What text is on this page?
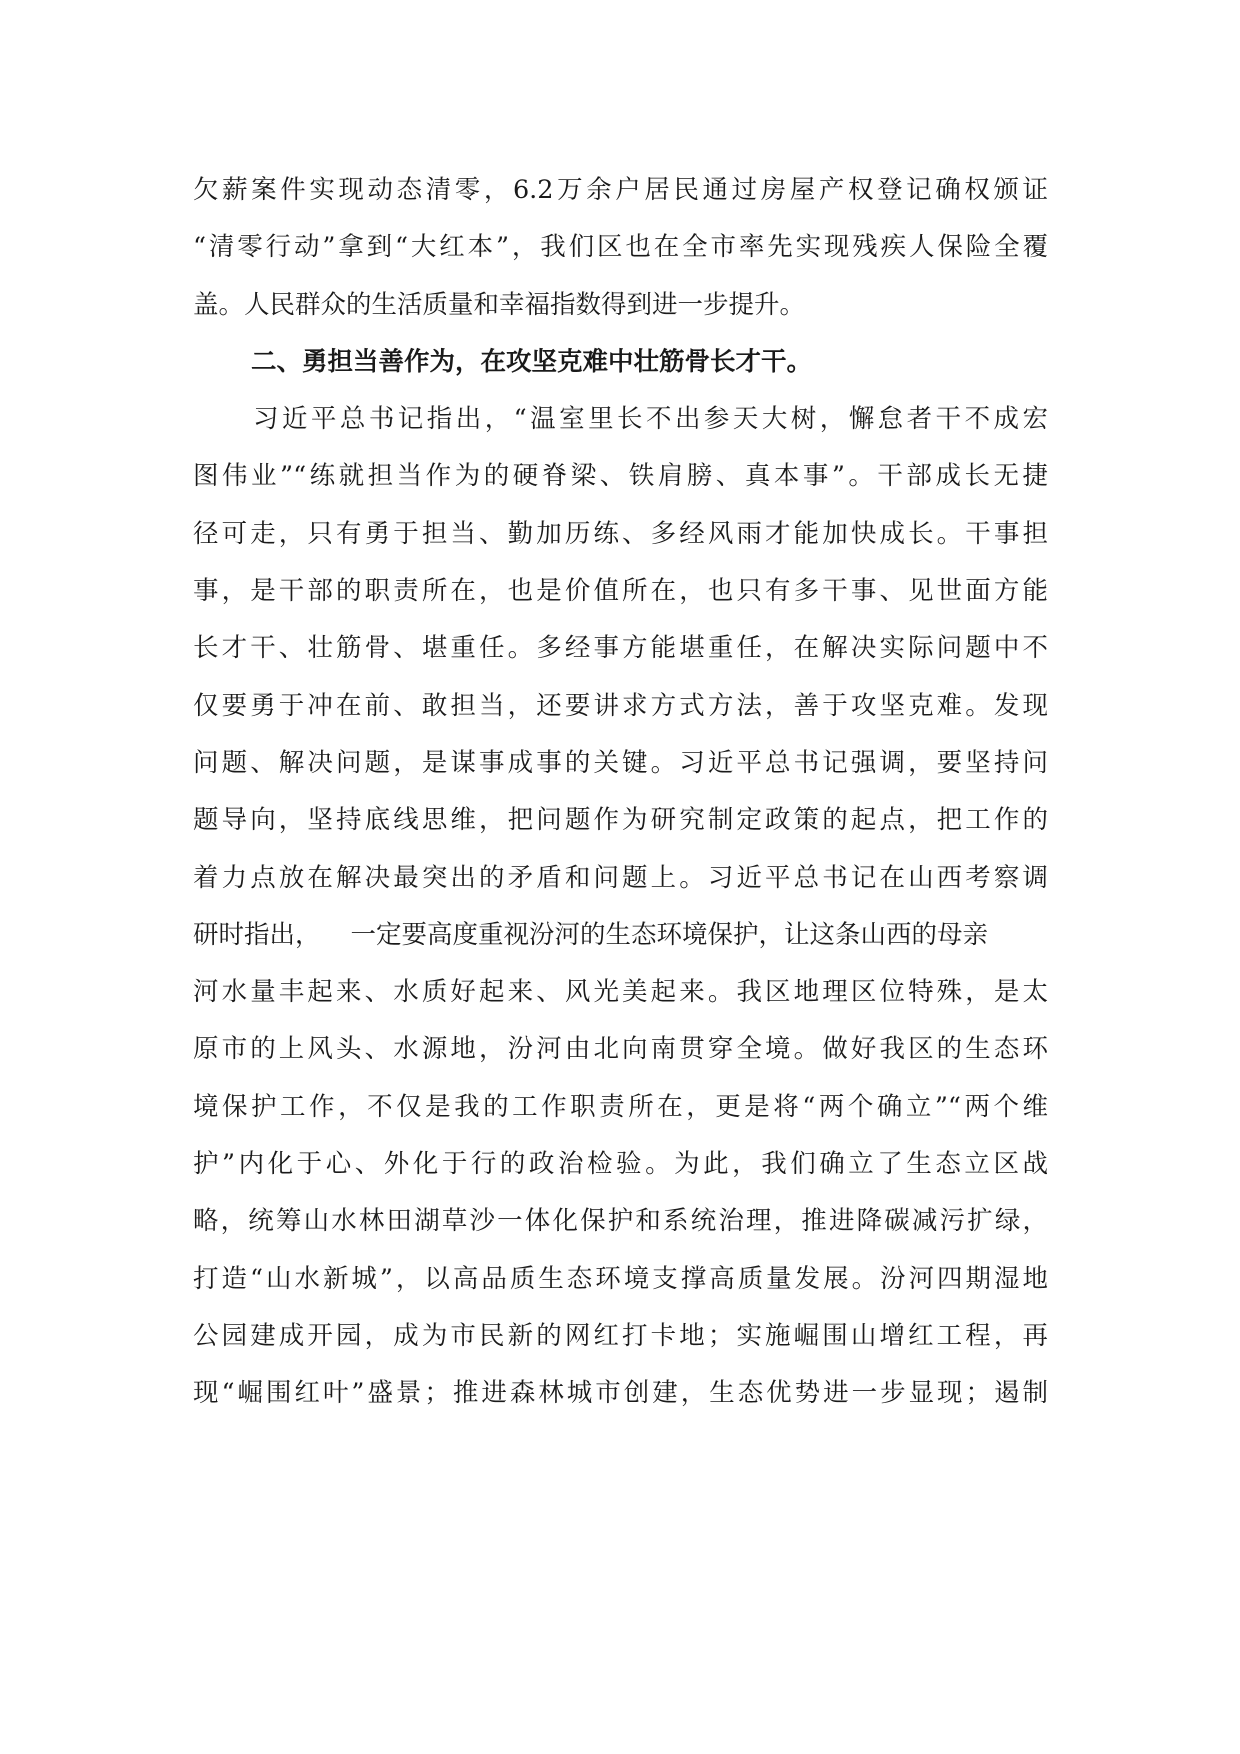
欠薪案件实现动态清零，6.2万余户居民通过房屋产权登记确权颁证
“清零行动”拿到“大红本”，我们区也在全市率先实现残疾人保险全覆
盖。人民群众的生活质量和幸福指数得到进一步提升。
二、勇担当善作为，在攻坚克难中壮筋骨长才干。
习近平总书记指出，“温室里长不出参天大树，懈怠者干不成宏
图伟业”“练就担当作为的硬脊梁、铁肩膀、真本事”。干部成长无捷
径可走，只有勇于担当、勤加历练、多经风雨才能加快成长。干事担
事，是干部的职责所在，也是价值所在，也只有多干事、见世面方能
长才干、壮筋骨、堪重任。多经事方能堪重任，在解决实际问题中不
仅要勇于冲在前、敢担当，还要讲求方式方法，善于攻坚克难。发现
问题、解决问题，是谋事成事的关键。习近平总书记强调，要坚持问
题导向，坚持底线思维，把问题作为研究制定政策的起点，把工作的
着力点放在解决最突出的矛盾和问题上。习近平总书记在山西考察调
研时指出， 一定要高度重视汾河的生态环境保护，让这条山西的母亲
河水量丰起来、水质好起来、风光美起来。我区地理区位特殊，是太
原市的上风头、水源地，汾河由北向南贯穿全境。做好我区的生态环
境保护工作，不仅是我的工作职责所在，更是将“两个确立”“两个维
护”内化于心、外化于行的政治检验。为此，我们确立了生态立区战
略，统筹山水林田湖草沙一体化保护和系统治理，推进降碳减污扩绿，
打造“山水新城”，以高品质生态环境支撑高质量发展。汾河四期湿地
公园建成开园，成为市民新的网红打卡地；实施崛围山增红工程，再
现“崛围红叶”盛景；推进森林城市创建，生态优势进一步显现；遏制
